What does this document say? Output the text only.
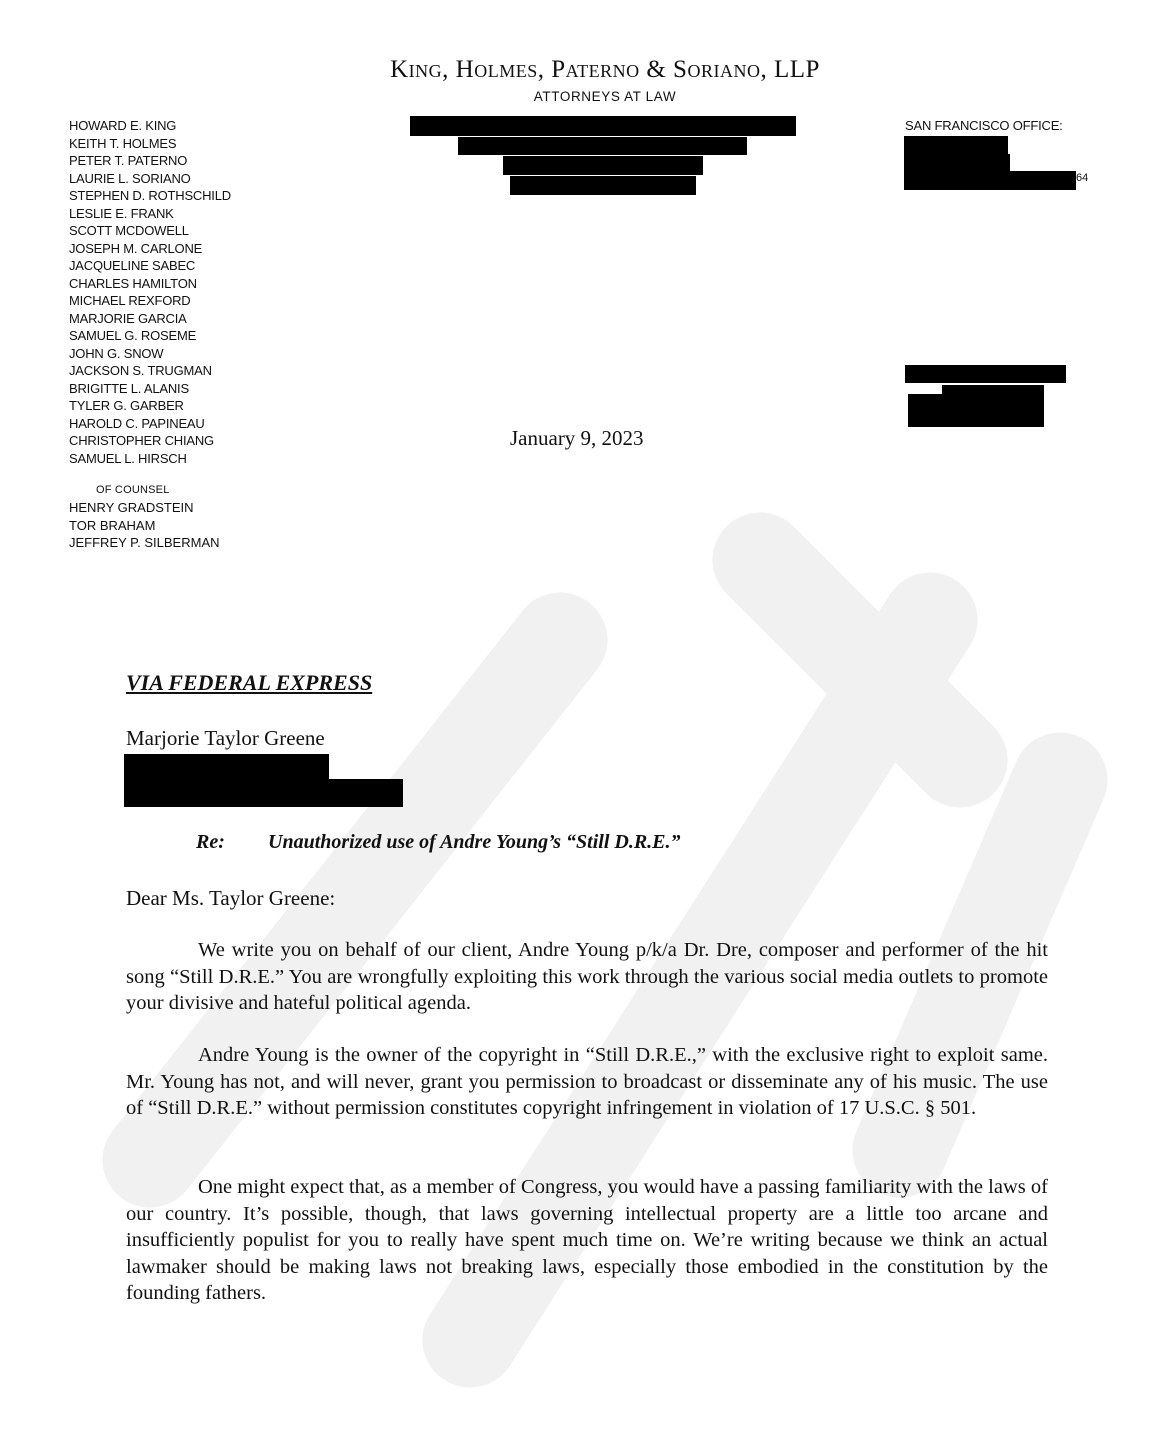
King, Holmes, Paterno & Soriano, LLP
ATTORNEYS AT LAW
HOWARD E. KING
KEITH T. HOLMES
PETER T. PATERNO
LAURIE L. SORIANO
STEPHEN D. ROTHSCHILD
LESLIE E. FRANK
SCOTT MCDOWELL
JOSEPH M. CARLONE
JACQUELINE SABEC
CHARLES HAMILTON
MICHAEL REXFORD
MARJORIE GARCIA
SAMUEL G. ROSEME
JOHN G. SNOW
JACKSON S. TRUGMAN
BRIGITTE L. ALANIS
TYLER G. GARBER
HAROLD C. PAPINEAU
CHRISTOPHER CHIANG
SAMUEL L. HIRSCH
OF COUNSEL
HENRY GRADSTEIN
TOR BRAHAM
JEFFREY P. SILBERMAN
SAN FRANCISCO OFFICE:
64
January 9, 2023
VIA FEDERAL EXPRESS
Marjorie Taylor Greene
Re: Unauthorized use of Andre Young’s “Still D.R.E.”
Dear Ms. Taylor Greene:

We write you on behalf of our client, Andre Young p/k/a Dr. Dre, composer and performer of the hit song “Still D.R.E.” You are wrongfully exploiting this work through the various social media outlets to promote your divisive and hateful political agenda.

Andre Young is the owner of the copyright in “Still D.R.E.,” with the exclusive right to exploit same. Mr. Young has not, and will never, grant you permission to broadcast or disseminate any of his music. The use of “Still D.R.E.” without permission constitutes copyright infringement in violation of 17 U.S.C. § 501.

One might expect that, as a member of Congress, you would have a passing familiarity with the laws of our country. It’s possible, though, that laws governing intellectual property are a little too arcane and insufficiently populist for you to really have spent much time on. We’re writing because we think an actual lawmaker should be making laws not breaking laws, especially those embodied in the constitution by the founding fathers.
